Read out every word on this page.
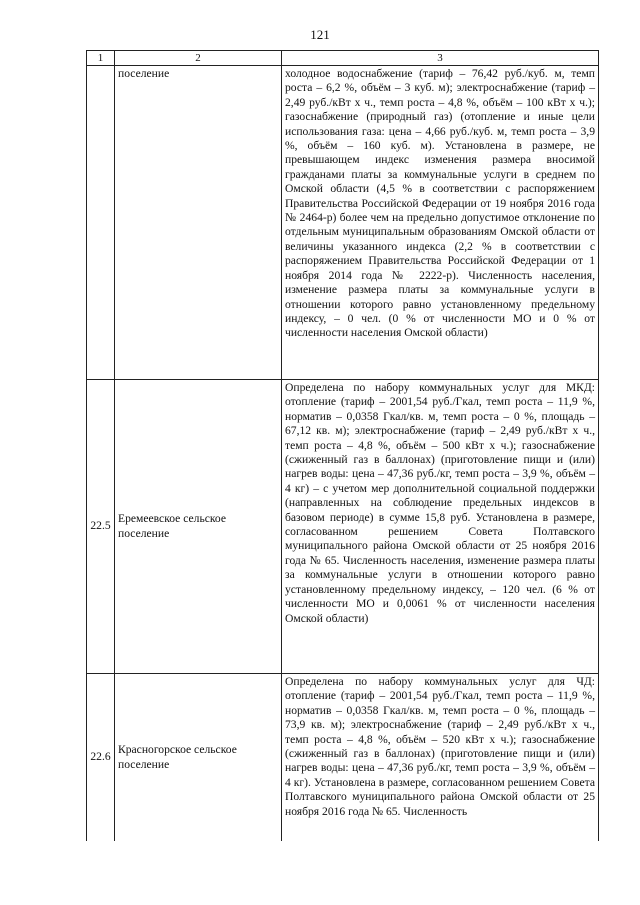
121
1	2	3
	поселение	холодное водоснабжение (тариф – 76,42 руб./куб. м, темп роста – 6,2 %, объём – 3 куб. м); электроснабжение (тариф – 2,49 руб./кВт х ч., темп роста – 4,8 %, объём – 100 кВт х ч.); газоснабжение (природный газ) (отопление и иные цели использования газа: цена – 4,66 руб./куб. м, темп роста – 3,9 %, объём – 160 куб. м). Установлена в размере, не превышающем индекс изменения размера вносимой гражданами платы за коммунальные услуги в среднем по Омской области (4,5 % в соответствии с распоряжением Правительства Российской Федерации от 19 ноября 2016 года № 2464-р) более чем на предельно допустимое отклонение по отдельным муниципальным образованиям Омской области от величины указанного индекса (2,2 % в соответствии с распоряжением Правительства Российской Федерации от 1 ноября 2014 года № 2222-р). Численность населения, изменение размера платы за коммунальные услуги в отношении которого равно установленному предельному индексу, – 0 чел. (0 % от численности МО и 0 % от численности населения Омской области)
22.5	Еремеевское сельское поселение	Определена по набору коммунальных услуг для МКД: отопление (тариф – 2001,54 руб./Гкал, темп роста – 11,9 %, норматив – 0,0358 Гкал/кв. м, темп роста – 0 %, площадь – 67,12 кв. м); электроснабжение (тариф – 2,49 руб./кВт х ч., темп роста – 4,8 %, объём – 500 кВт х ч.); газоснабжение (сжиженный газ в баллонах) (приготовление пищи и (или) нагрев воды: цена – 47,36 руб./кг, темп роста – 3,9 %, объём – 4 кг) – с учетом мер дополнительной социальной поддержки (направленных на соблюдение предельных индексов в базовом периоде) в сумме 15,8 руб. Установлена в размере, согласованном решением Совета Полтавского муниципального района Омской области от 25 ноября 2016 года № 65. Численность населения, изменение размера платы за коммунальные услуги в отношении которого равно установленному предельному индексу, – 120 чел. (6 % от численности МО и 0,0061 % от численности населения Омской области)
22.6	Красногорское сельское поселение	Определена по набору коммунальных услуг для ЧД: отопление (тариф – 2001,54 руб./Гкал, темп роста – 11,9 %, норматив – 0,0358 Гкал/кв. м, темп роста – 0 %, площадь – 73,9 кв. м); электроснабжение (тариф – 2,49 руб./кВт х ч., темп роста – 4,8 %, объём – 520 кВт х ч.); газоснабжение (сжиженный газ в баллонах) (приготовление пищи и (или) нагрев воды: цена – 47,36 руб./кг, темп роста – 3,9 %, объём – 4 кг). Установлена в размере, согласованном решением Совета Полтавского муниципального района Омской области от 25 ноября 2016 года № 65. Численность
